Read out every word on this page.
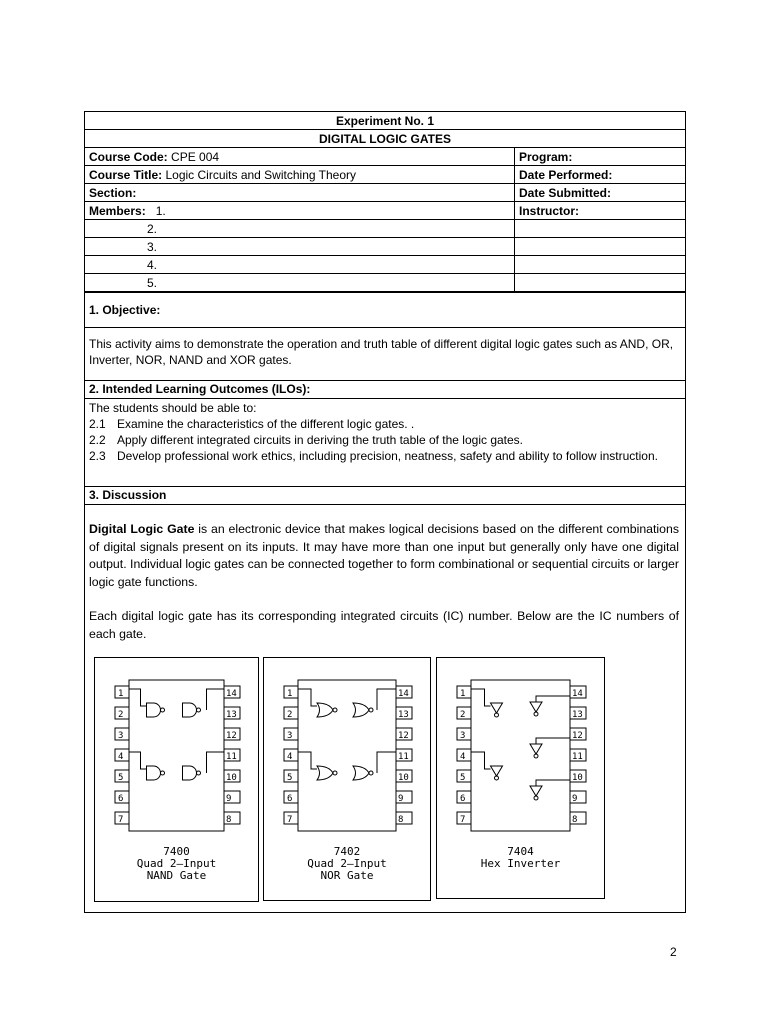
Experiment No. 1	
DIGITAL LOGIC GATES	
Course Code: CPE 004	Program:
Course Title: Logic Circuits and Switching Theory	Date Performed:
Section:	Date Submitted:
Members: 1.	Instructor:
2.	
3.	
4.	
5.	
1. Objective:
This activity aims to demonstrate the operation and truth table of different digital logic gates such as AND, OR, Inverter, NOR, NAND and XOR gates.
2. Intended Learning Outcomes (ILOs):
The students should be able to:
2.1 Examine the characteristics of the different logic gates. .
2.2 Apply different integrated circuits in deriving the truth table of the logic gates.
2.3 Develop professional work ethics, including precision, neatness, safety and ability to follow instruction.
3. Discussion

Digital Logic Gate is an electronic device that makes logical decisions based on the different combinations of digital signals present on its inputs. It may have more than one input but generally only have one digital output. Individual logic gates can be connected together to form combinational or sequential circuits or larger logic gate functions.

Each digital logic gate has its corresponding integrated circuits (IC) number. Below are the IC numbers of each gate.

1
2
3
4
5
6
7
14
13
12
11
10
9
8
7400
Quad 2–Input
NAND Gate
1
2
3
4
5
6
7
14
13
12
11
10
9
8
7402
Quad 2–Input
NOR Gate
1
2
3
4
5
6
7
14
13
12
11
10
9
8
7404
Hex Inverter
2
